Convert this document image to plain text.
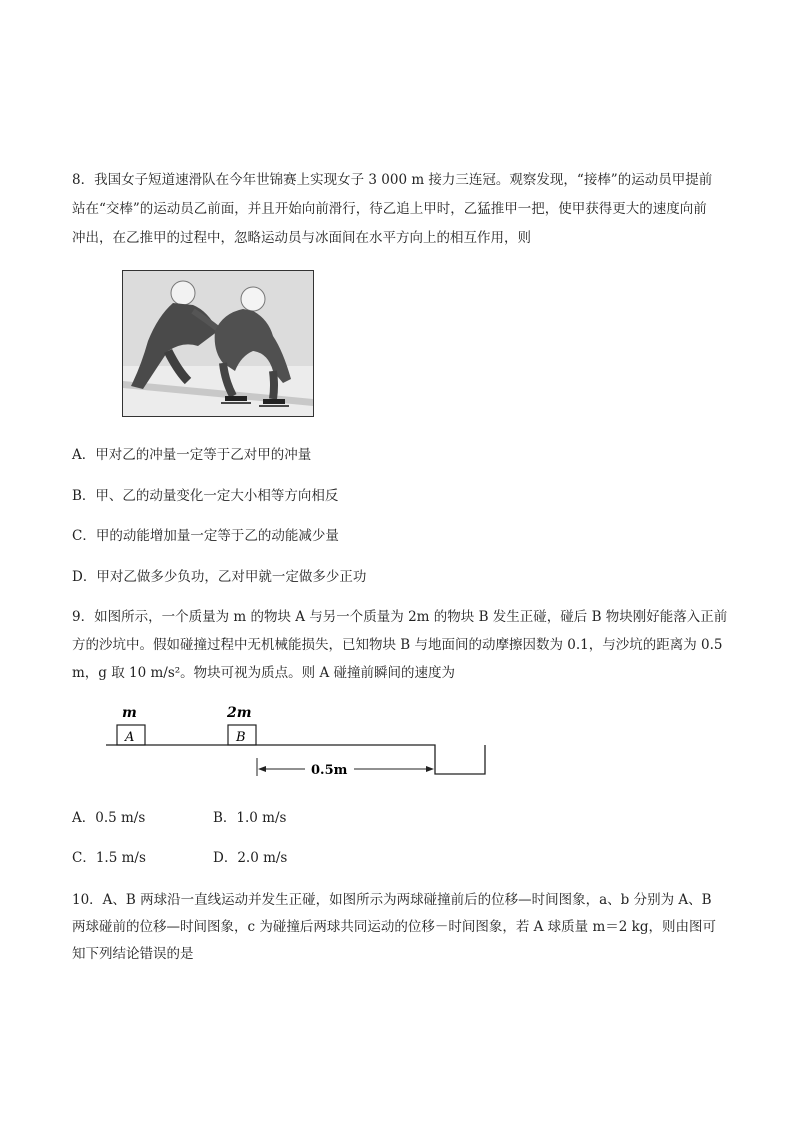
8．我国女子短道速滑队在今年世锦赛上实现女子 3 000 m 接力三连冠。观察发现，“接棒”的运动员甲提前
站在“交棒”的运动员乙前面，并且开始向前滑行，待乙追上甲时，乙猛推甲一把，使甲获得更大的速度向前
冲出，在乙推甲的过程中，忽略运动员与冰面间在水平方向上的相互作用，则
A．甲对乙的冲量一定等于乙对甲的冲量
B．甲、乙的动量变化一定大小相等方向相反
C．甲的动能增加量一定等于乙的动能减少量
D．甲对乙做多少负功，乙对甲就一定做多少正功
9．如图所示，一个质量为 m 的物块 A 与另一个质量为 2m 的物块 B 发生正碰，碰后 B 物块刚好能落入正前
方的沙坑中。假如碰撞过程中无机械能损失，已知物块 B 与地面间的动摩擦因数为 0.1，与沙坑的距离为 0.5
m，g 取 10 m/s²。物块可视为质点。则 A 碰撞前瞬间的速度为
m	2m
A	B
0.5m
A．0.5 m/s	B．1.0 m/s
C．1.5 m/s	D．2.0 m/s
10．A、B 两球沿一直线运动并发生正碰，如图所示为两球碰撞前后的位移—时间图象，a、b 分别为 A、B
两球碰前的位移—时间图象，c 为碰撞后两球共同运动的位移－时间图象，若 A 球质量 m＝2 kg，则由图可
知下列结论错误的是
